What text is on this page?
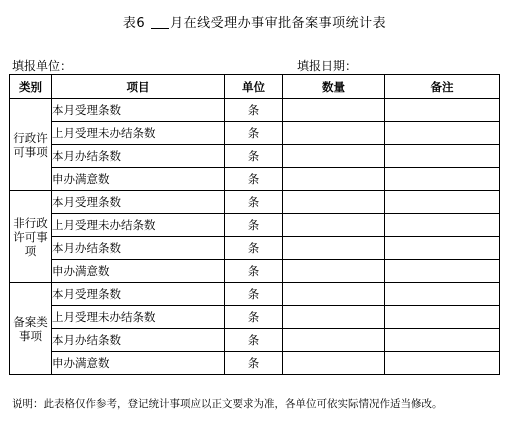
表6 月在线受理办事审批备案事项统计表
填报单位：	填报日期：
类别	项目	单位	数量	备注
行政许可事项	本月受理条数	条		
	上月受理未办结条数	条		
	本月办结条数	条		
	申办满意数	条		
非行政许可事项	本月受理条数	条		
	上月受理未办结条数	条		
	本月办结条数	条		
	申办满意数	条		
备案类事项	本月受理条数	条		
	上月受理未办结条数	条		
	本月办结条数	条		
	申办满意数	条		
说明：此表格仅作参考，登记统计事项应以正文要求为准，各单位可依实际情况作适当修改。
